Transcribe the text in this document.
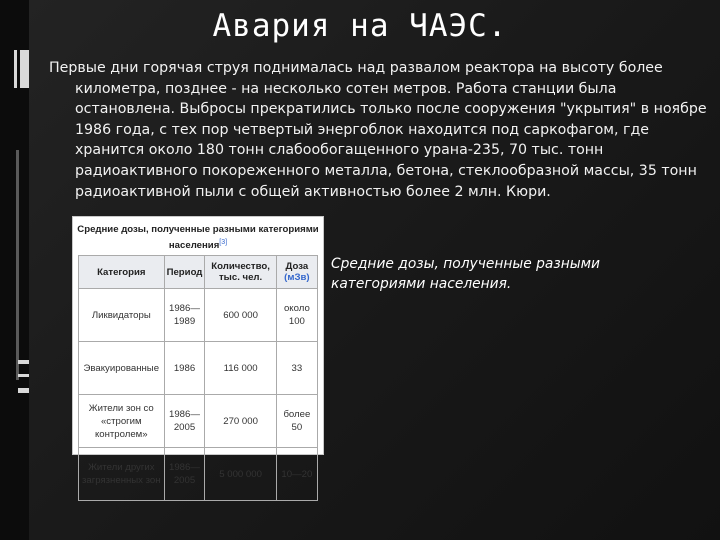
Авария на ЧАЭС.

Первые дни горячая струя поднималась над развалом реактора на высоту более километра, позднее - на несколько сотен метров. Работа станции была остановлена. Выбросы прекратились только после сооружения "укрытия" в ноябре 1986 года, с тех пор четвертый энергоблок находится под саркофагом, где хранится около 180 тонн слабообогащенного урана-235, 70 тыс. тонн радиоактивного покореженного металла, бетона, стеклообразной массы, 35 тонн радиоактивной пыли с общей активностью более 2 млн. Кюри.

Средние дозы, полученные разными категориями населения[3]
Категория	Период	Количество, тыс. чел.	Доза
(мЗв)
Ликвидаторы	1986—1989	600 000	около 100
Эвакуированные	1986	116 000	33
Жители зон со «строгим контролем»	1986—2005	270 000	более 50
Жители других загрязненных зон	1986—2005	5 000 000	10—20
Средние дозы, полученные разными категориями населения.
